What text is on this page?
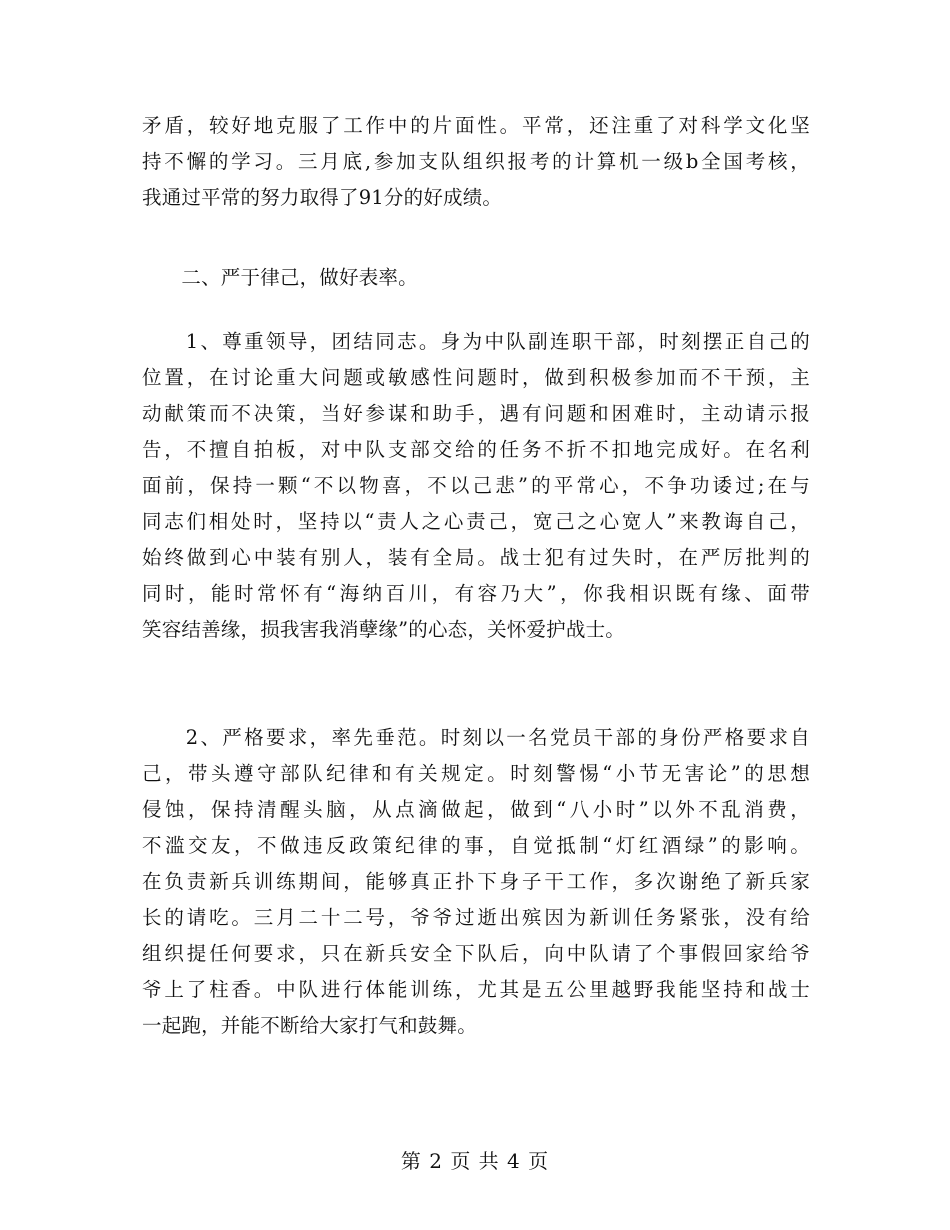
矛盾，较好地克服了工作中的片面性。平常，还注重了对科学文化坚
持不懈的学习。三月底,参加支队组织报考的计算机一级b全国考核，
我通过平常的努力取得了91分的好成绩。
　　二、严于律己，做好表率。
　　1、尊重领导，团结同志。身为中队副连职干部，时刻摆正自己的
位置，在讨论重大问题或敏感性问题时，做到积极参加而不干预，主
动献策而不决策，当好参谋和助手，遇有问题和困难时，主动请示报
告，不擅自拍板，对中队支部交给的任务不折不扣地完成好。在名利
面前，保持一颗“不以物喜，不以己悲”的平常心，不争功诿过;在与
同志们相处时，坚持以“责人之心责己，宽己之心宽人”来教诲自己，
始终做到心中装有别人，装有全局。战士犯有过失时，在严厉批判的
同时，能时常怀有“海纳百川，有容乃大”，你我相识既有缘、面带
笑容结善缘，损我害我消孽缘”的心态，关怀爱护战士。
　　2、严格要求，率先垂范。时刻以一名党员干部的身份严格要求自
己，带头遵守部队纪律和有关规定。时刻警惕“小节无害论”的思想
侵蚀，保持清醒头脑，从点滴做起，做到“八小时”以外不乱消费，
不滥交友，不做违反政策纪律的事，自觉抵制“灯红酒绿”的影响。
在负责新兵训练期间，能够真正扑下身子干工作，多次谢绝了新兵家
长的请吃。三月二十二号，爷爷过逝出殡因为新训任务紧张，没有给
组织提任何要求，只在新兵安全下队后，向中队请了个事假回家给爷
爷上了柱香。中队进行体能训练，尤其是五公里越野我能坚持和战士
一起跑，并能不断给大家打气和鼓舞。
第 2 页 共 4 页
